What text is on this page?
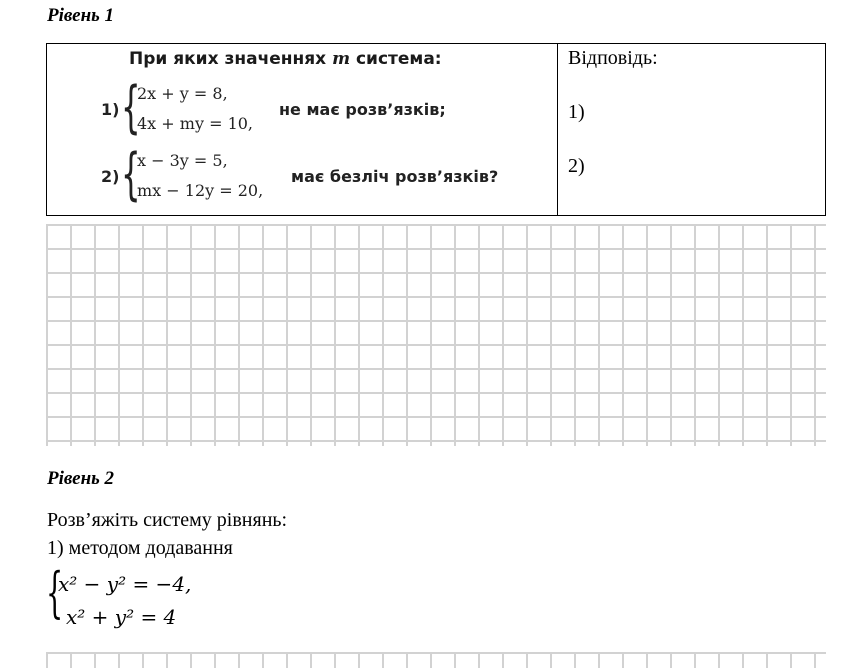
Рівень 1
При яких значеннях m система:
1) {
2x + y = 8,
4x + my = 10,
не має розв’язків;
2) {
x − 3y = 5,
mx − 12y = 20,
має безліч розв’язків?
Відповідь:
1)
2)
Рівень 2
Розв’яжіть систему рівнянь:
1) методом додавання
{
x² − y² = −4,
x² + y² = 4
